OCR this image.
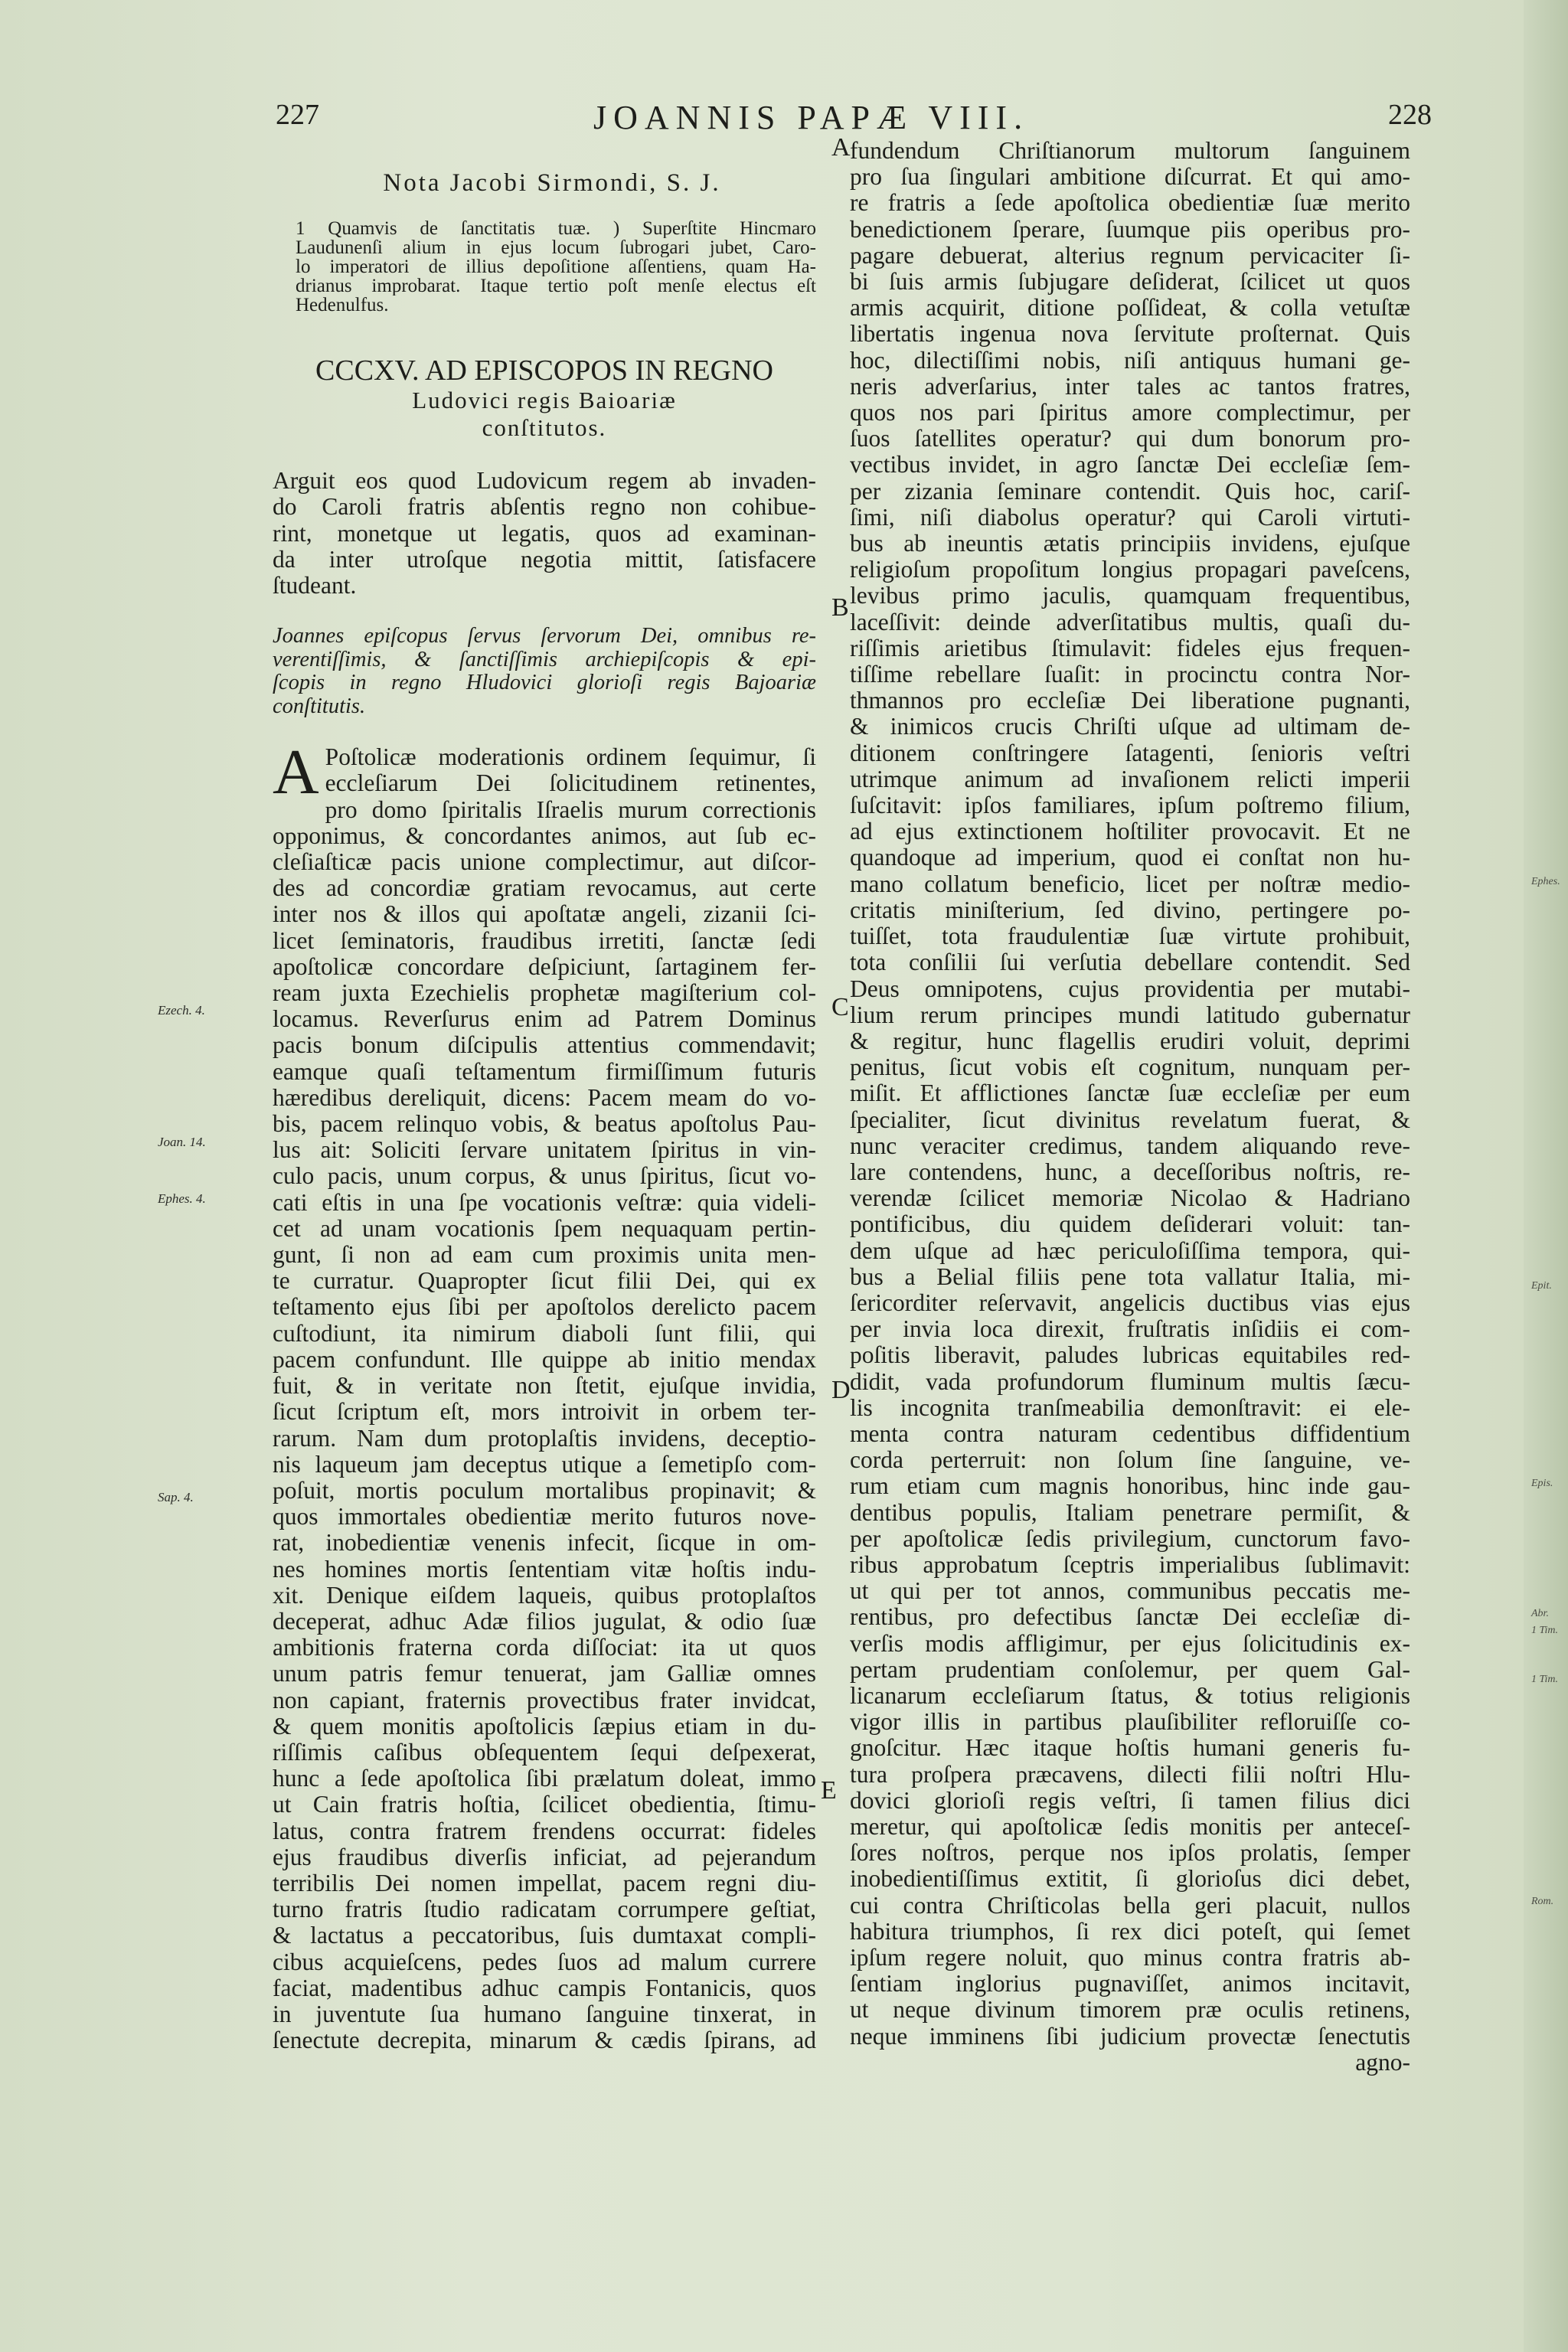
227	JOANNIS PAPÆ VIII.	228

Nota Jacobi Sirmondi, S. J.

1 Quamvis de ſanctitatis tuæ. ) Superſtite Hincmaro
Laudunenſi alium in ejus locum ſubrogari jubet, Caro-
lo imperatori de illius depoſitione aſſentiens, quam Ha-
drianus improbarat. Itaque tertio poſt menſe electus eſt
Hedenulfus.

CCCXV. AD EPISCOPOS IN REGNO

Ludovici regis Baioariæ

conſtitutos.

Arguit eos quod Ludovicum regem ab invaden-
do Caroli fratris abſentis regno non cohibue-
rint, monetque ut legatis, quos ad examinan-
da inter utroſque negotia mittit, ſatisfacere
ſtudeant.
Joannes epiſcopus ſervus ſervorum Dei, omnibus re-
verentiſſimis, & ſanctiſſimis archiepiſcopis & epi-
ſcopis in regno Hludovici glorioſi regis Bajoariæ
conſtitutis.
A Poſtolicæ moderationis ordinem ſequimur, ſi
eccleſiarum Dei ſolicitudinem retinentes,
pro domo ſpiritalis Iſraelis murum correctionis
opponimus, & concordantes animos, aut ſub ec-
cleſiaſticæ pacis unione complectimur, aut diſcor-
des ad concordiæ gratiam revocamus, aut certe
inter nos & illos qui apoſtatæ angeli, zizanii ſci-
licet ſeminatoris, fraudibus irretiti, ſanctæ ſedi
apoſtolicæ concordare deſpiciunt, ſartaginem fer-
ream juxta Ezechielis prophetæ magiſterium col-
locamus. Reverſurus enim ad Patrem Dominus
pacis bonum diſcipulis attentius commendavit;
eamque quaſi teſtamentum firmiſſimum futuris
hæredibus dereliquit, dicens: Pacem meam do vo-
bis, pacem relinquo vobis, & beatus apoſtolus Pau-
lus ait: Soliciti ſervare unitatem ſpiritus in vin-
culo pacis, unum corpus, & unus ſpiritus, ſicut vo-
cati eſtis in una ſpe vocationis veſtræ: quia videli-
cet ad unam vocationis ſpem nequaquam pertin-
gunt, ſi non ad eam cum proximis unita men-
te curratur. Quapropter ſicut filii Dei, qui ex
teſtamento ejus ſibi per apoſtolos derelicto pacem
cuſtodiunt, ita nimirum diaboli ſunt filii, qui
pacem confundunt. Ille quippe ab initio mendax
fuit, & in veritate non ſtetit, ejuſque invidia,
ſicut ſcriptum eſt, mors introivit in orbem ter-
rarum. Nam dum protoplaſtis invidens, deceptio-
nis laqueum jam deceptus utique a ſemetipſo com-
poſuit, mortis poculum mortalibus propinavit; &
quos immortales obedientiæ merito futuros nove-
rat, inobedientiæ venenis infecit, ſicque in om-
nes homines mortis ſententiam vitæ hoſtis indu-
xit. Denique eiſdem laqueis, quibus protoplaſtos
deceperat, adhuc Adæ filios jugulat, & odio ſuæ
ambitionis fraterna corda diſſociat: ita ut quos
unum patris femur tenuerat, jam Galliæ omnes
non capiant, fraternis provectibus frater invidcat,
& quem monitis apoſtolicis ſæpius etiam in du-
riſſimis caſibus obſequentem ſequi deſpexerat,
hunc a ſede apoſtolica ſibi prælatum doleat, immo
ut Cain fratris hoſtia, ſcilicet obedientia, ſtimu-
latus, contra fratrem frendens occurrat: fideles
ejus fraudibus diverſis inficiat, ad pejerandum
terribilis Dei nomen impellat, pacem regni diu-
turno fratris ſtudio radicatam corrumpere geſtiat,
& lactatus a peccatoribus, ſuis dumtaxat compli-
cibus acquieſcens, pedes ſuos ad malum currere
faciat, madentibus adhuc campis Fontanicis, quos
in juventute ſua humano ſanguine tinxerat, in
ſenectute decrepita, minarum & cædis ſpirans, ad
fundendum Chriſtianorum multorum ſanguinem
pro ſua ſingulari ambitione diſcurrat. Et qui amo-
re fratris a ſede apoſtolica obedientiæ ſuæ merito
benedictionem ſperare, ſuumque piis operibus pro-
pagare debuerat, alterius regnum pervicaciter ſi-
bi ſuis armis ſubjugare deſiderat, ſcilicet ut quos
armis acquirit, ditione poſſideat, & colla vetuſtæ
libertatis ingenua nova ſervitute proſternat. Quis
hoc, dilectiſſimi nobis, niſi antiquus humani ge-
neris adverſarius, inter tales ac tantos fratres,
quos nos pari ſpiritus amore complectimur, per
ſuos ſatellites operatur? qui dum bonorum pro-
vectibus invidet, in agro ſanctæ Dei eccleſiæ ſem-
per zizania ſeminare contendit. Quis hoc, cariſ-
ſimi, niſi diabolus operatur? qui Caroli virtuti-
bus ab ineuntis ætatis principiis invidens, ejuſque
religioſum propoſitum longius propagari paveſcens,
levibus primo jaculis, quamquam frequentibus,
laceſſivit: deinde adverſitatibus multis, quaſi du-
riſſimis arietibus ſtimulavit: fideles ejus frequen-
tiſſime rebellare ſuaſit: in procinctu contra Nor-
thmannos pro eccleſiæ Dei liberatione pugnanti,
& inimicos crucis Chriſti uſque ad ultimam de-
ditionem conſtringere ſatagenti, ſenioris veſtri
utrimque animum ad invaſionem relicti imperii
ſuſcitavit: ipſos familiares, ipſum poſtremo filium,
ad ejus extinctionem hoſtiliter provocavit. Et ne
quandoque ad imperium, quod ei conſtat non hu-
mano collatum beneficio, licet per noſtræ medio-
critatis miniſterium, ſed divino, pertingere po-
tuiſſet, tota fraudulentiæ ſuæ virtute prohibuit,
tota conſilii ſui verſutia debellare contendit. Sed
Deus omnipotens, cujus providentia per mutabi-
lium rerum principes mundi latitudo gubernatur
& regitur, hunc flagellis erudiri voluit, deprimi
penitus, ſicut vobis eſt cognitum, nunquam per-
miſit. Et afflictiones ſanctæ ſuæ eccleſiæ per eum
ſpecialiter, ſicut divinitus revelatum fuerat, &
nunc veraciter credimus, tandem aliquando reve-
lare contendens, hunc, a deceſſoribus noſtris, re-
verendæ ſcilicet memoriæ Nicolao & Hadriano
pontificibus, diu quidem deſiderari voluit: tan-
dem uſque ad hæc periculoſiſſima tempora, qui-
bus a Belial filiis pene tota vallatur Italia, mi-
ſericorditer reſervavit, angelicis ductibus vias ejus
per invia loca direxit, fruſtratis inſidiis ei com-
poſitis liberavit, paludes lubricas equitabiles red-
didit, vada profundorum fluminum multis ſæcu-
lis incognita tranſmeabilia demonſtravit: ei ele-
menta contra naturam cedentibus diffidentium
corda perterruit: non ſolum ſine ſanguine, ve-
rum etiam cum magnis honoribus, hinc inde gau-
dentibus populis, Italiam penetrare permiſit, &
per apoſtolicæ ſedis privilegium, cunctorum favo-
ribus approbatum ſceptris imperialibus ſublimavit:
ut qui per tot annos, communibus peccatis me-
rentibus, pro defectibus ſanctæ Dei eccleſiæ di-
verſis modis affligimur, per ejus ſolicitudinis ex-
pertam prudentiam conſolemur, per quem Gal-
licanarum eccleſiarum ſtatus, & totius religionis
vigor illis in partibus plauſibiliter refloruiſſe co-
gnoſcitur. Hæc itaque hoſtis humani generis fu-
tura proſpera præcavens, dilecti filii noſtri Hlu-
dovici glorioſi regis veſtri, ſi tamen filius dici
meretur, qui apoſtolicæ ſedis monitis per anteceſ-
ſores noſtros, perque nos ipſos prolatis, ſemper
inobedientiſſimus extitit, ſi glorioſus dici debet,
cui contra Chriſticolas bella geri placuit, nullos
habitura triumphos, ſi rex dici poteſt, qui ſemet
ipſum regere noluit, quo minus contra fratris ab-
ſentiam inglorius pugnaviſſet, animos incitavit,
ut neque divinum timorem præ oculis retinens,
neque imminens ſibi judicium provectæ ſenectutis
agno-
Ezech. 4.
Joan. 14.
Ephes. 4.
Sap. 4.
A
B
C
D
E
Ephes.
Epit.
Epis.
Abr.
1 Tim.
1 Tim.
Rom.
